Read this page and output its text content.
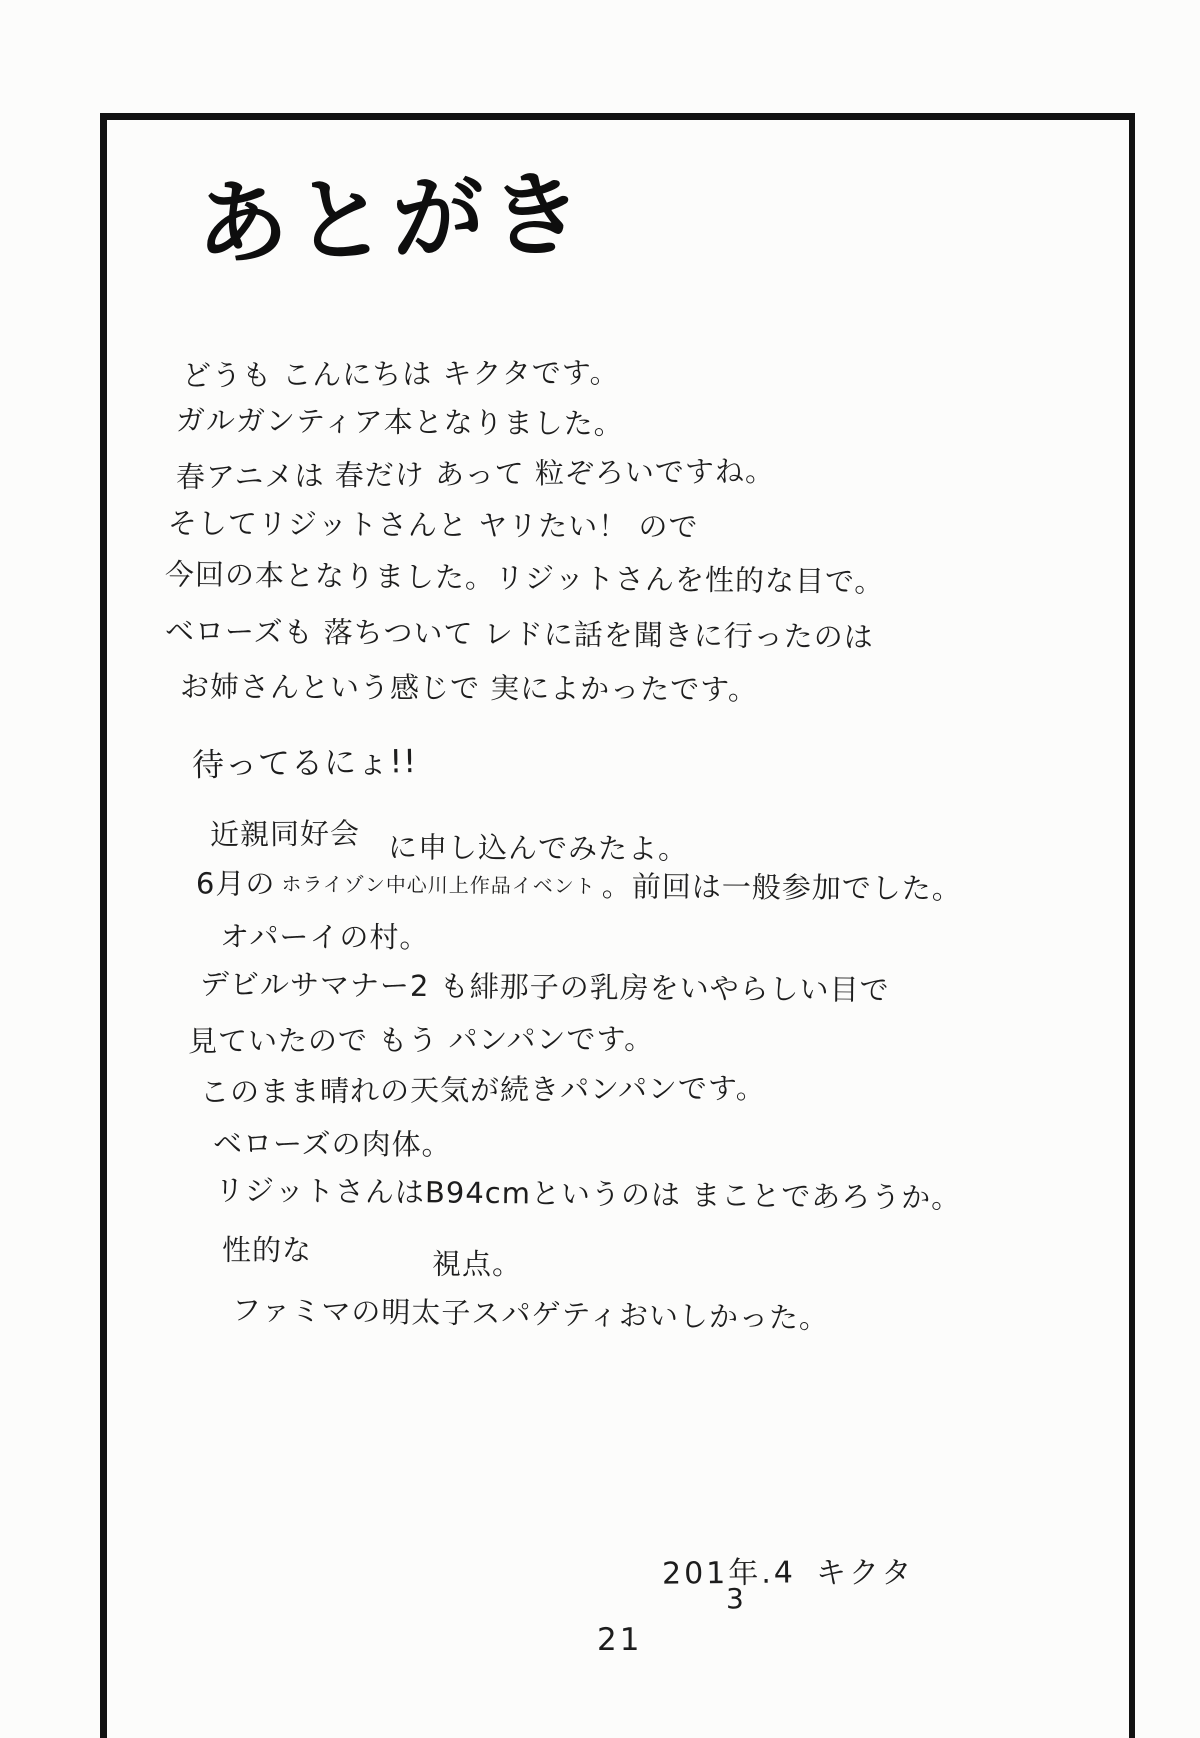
あとがき
どうも こんにちは キクタです。
ガルガンティア本となりました。
春アニメは 春だけ あって 粒ぞろいですね。
そしてリジットさんと ヤリたい！ ので
今回の本となりました。リジットさんを性的な目で。
ベローズも 落ちついて レドに話を聞きに行ったのは
お姉さんという感じで 実によかったです。
待ってるにょ!!
近親同好会 に申し込んでみたよ。
6月の ホライゾン中心川上作品イベント 。前回は一般参加でした。
オパーイの村。
デビルサマナー2 も緋那子の乳房をいやらしい目で
見ていたので もう パンパンです。
このまま晴れの天気が続きパンパンです。
ベローズの肉体。
リジットさんはB94cmというのは まことであろうか。
性的な	視点。
ファミマの明太子スパゲティおいしかった。
201年.4
3
キクタ
21
